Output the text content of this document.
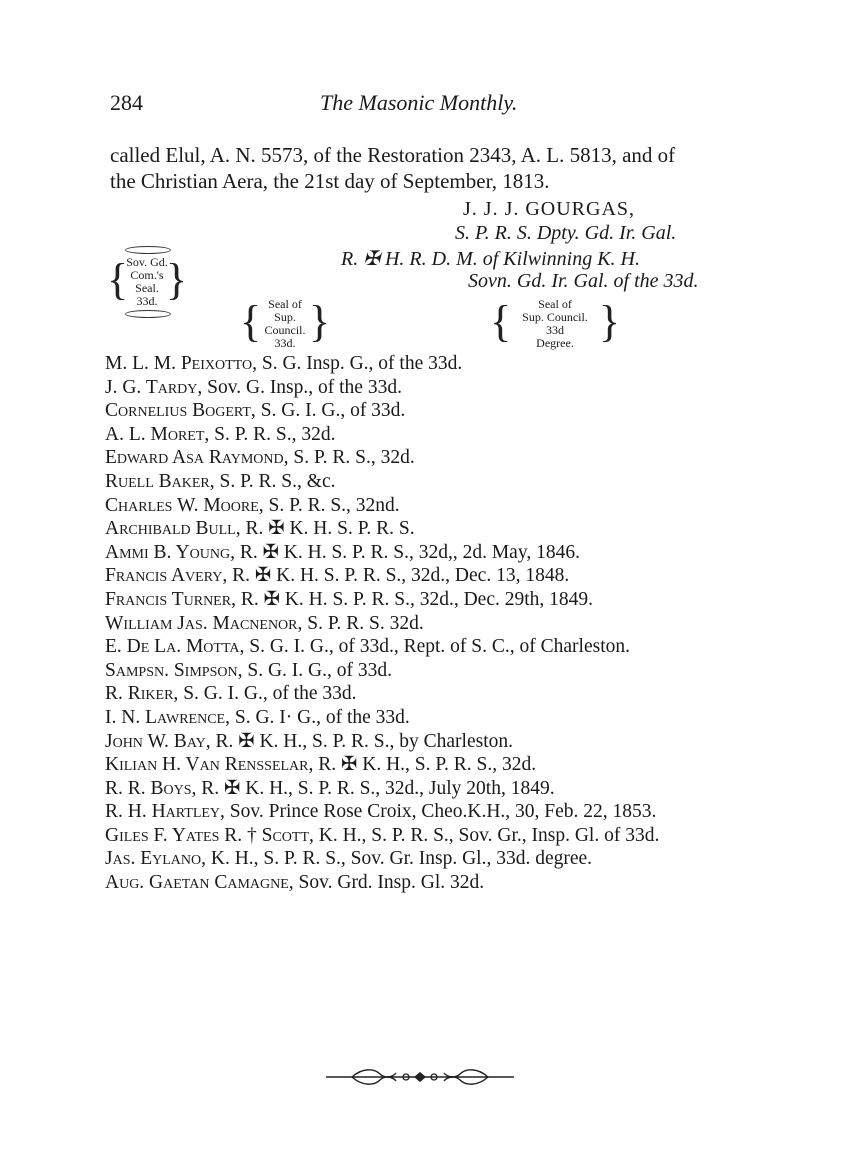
284	The Masonic Monthly.
called Elul, A. N. 5573, of the Restoration 2343, A. L. 5813, and of
the Christian Aera, the 21st day of September, 1813.
J. J. J. GOURGAS,
S. P. R. S. Dpty. Gd. Ir. Gal.
R. ✠ H. R. D. M. of Kilwinning K. H.
Sovn. Gd. Ir. Gal. of the 33d.
{ }
Sov. Gd.
Com.'s
Seal.
33d.	{ }
Seal of
Sup.
Council.
33d.	{ }
Seal of
Sup. Council.
33d
Degree.
M. L. M. Peixotto, S. G. Insp. G., of the 33d.
J. G. Tardy, Sov. G. Insp., of the 33d.
Cornelius Bogert, S. G. I. G., of 33d.
A. L. Moret, S. P. R. S., 32d.
Edward Asa Raymond, S. P. R. S., 32d.
Ruell Baker, S. P. R. S., &c.
Charles W. Moore, S. P. R. S., 32nd.
Archibald Bull, R. ✠ K. H. S. P. R. S.
Ammi B. Young, R. ✠ K. H. S. P. R. S., 32d,, 2d. May, 1846.
Francis Avery, R. ✠ K. H. S. P. R. S., 32d., Dec. 13, 1848.
Francis Turner, R. ✠ K. H. S. P. R. S., 32d., Dec. 29th, 1849.
William Jas. Macnenor, S. P. R. S. 32d.
E. De La. Motta, S. G. I. G., of 33d., Rept. of S. C., of Charleston.
Sampsn. Simpson, S. G. I. G., of 33d.
R. Riker, S. G. I. G., of the 33d.
I. N. Lawrence, S. G. I· G., of the 33d.
John W. Bay, R. ✠ K. H., S. P. R. S., by Charleston.
Kilian H. Van Rensselar, R. ✠ K. H., S. P. R. S., 32d.
R. R. Boys, R. ✠ K. H., S. P. R. S., 32d., July 20th, 1849.
R. H. Hartley, Sov. Prince Rose Croix, Cheo.K.H., 30, Feb. 22, 1853.
Giles F. Yates R. † Scott, K. H., S. P. R. S., Sov. Gr., Insp. Gl. of 33d.
Jas. Eylano, K. H., S. P. R. S., Sov. Gr. Insp. Gl., 33d. degree.
Aug. Gaetan Camagne, Sov. Grd. Insp. Gl. 32d.
